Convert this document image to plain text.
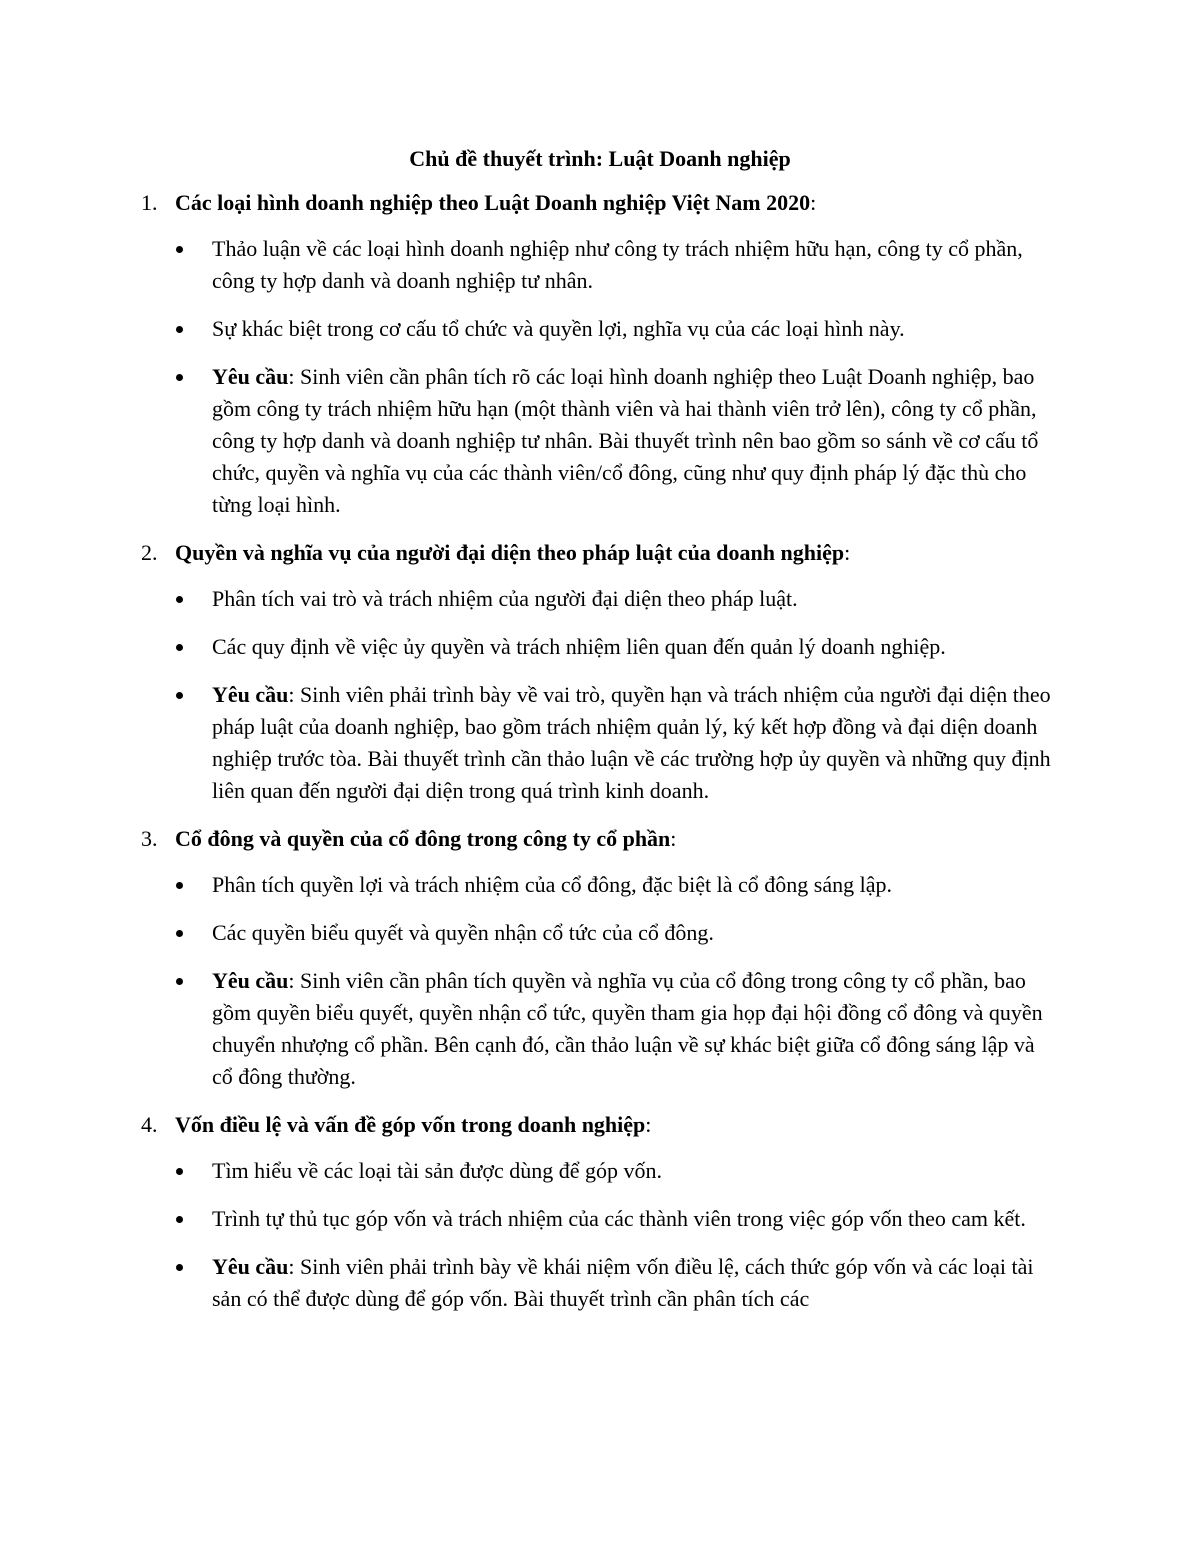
Chủ đề thuyết trình: Luật Doanh nghiệp
1. Các loại hình doanh nghiệp theo Luật Doanh nghiệp Việt Nam 2020:
Thảo luận về các loại hình doanh nghiệp như công ty trách nhiệm hữu hạn, công ty cổ phần, công ty hợp danh và doanh nghiệp tư nhân.
Sự khác biệt trong cơ cấu tổ chức và quyền lợi, nghĩa vụ của các loại hình này.
Yêu cầu: Sinh viên cần phân tích rõ các loại hình doanh nghiệp theo Luật Doanh nghiệp, bao gồm công ty trách nhiệm hữu hạn (một thành viên và hai thành viên trở lên), công ty cổ phần, công ty hợp danh và doanh nghiệp tư nhân. Bài thuyết trình nên bao gồm so sánh về cơ cấu tổ chức, quyền và nghĩa vụ của các thành viên/cổ đông, cũng như quy định pháp lý đặc thù cho từng loại hình.
2. Quyền và nghĩa vụ của người đại diện theo pháp luật của doanh nghiệp:
Phân tích vai trò và trách nhiệm của người đại diện theo pháp luật.
Các quy định về việc ủy quyền và trách nhiệm liên quan đến quản lý doanh nghiệp.
Yêu cầu: Sinh viên phải trình bày về vai trò, quyền hạn và trách nhiệm của người đại diện theo pháp luật của doanh nghiệp, bao gồm trách nhiệm quản lý, ký kết hợp đồng và đại diện doanh nghiệp trước tòa. Bài thuyết trình cần thảo luận về các trường hợp ủy quyền và những quy định liên quan đến người đại diện trong quá trình kinh doanh.
3. Cổ đông và quyền của cổ đông trong công ty cổ phần:
Phân tích quyền lợi và trách nhiệm của cổ đông, đặc biệt là cổ đông sáng lập.
Các quyền biểu quyết và quyền nhận cổ tức của cổ đông.
Yêu cầu: Sinh viên cần phân tích quyền và nghĩa vụ của cổ đông trong công ty cổ phần, bao gồm quyền biểu quyết, quyền nhận cổ tức, quyền tham gia họp đại hội đồng cổ đông và quyền chuyển nhượng cổ phần. Bên cạnh đó, cần thảo luận về sự khác biệt giữa cổ đông sáng lập và cổ đông thường.
4. Vốn điều lệ và vấn đề góp vốn trong doanh nghiệp:
Tìm hiểu về các loại tài sản được dùng để góp vốn.
Trình tự thủ tục góp vốn và trách nhiệm của các thành viên trong việc góp vốn theo cam kết.
Yêu cầu: Sinh viên phải trình bày về khái niệm vốn điều lệ, cách thức góp vốn và các loại tài sản có thể được dùng để góp vốn. Bài thuyết trình cần phân tích các
